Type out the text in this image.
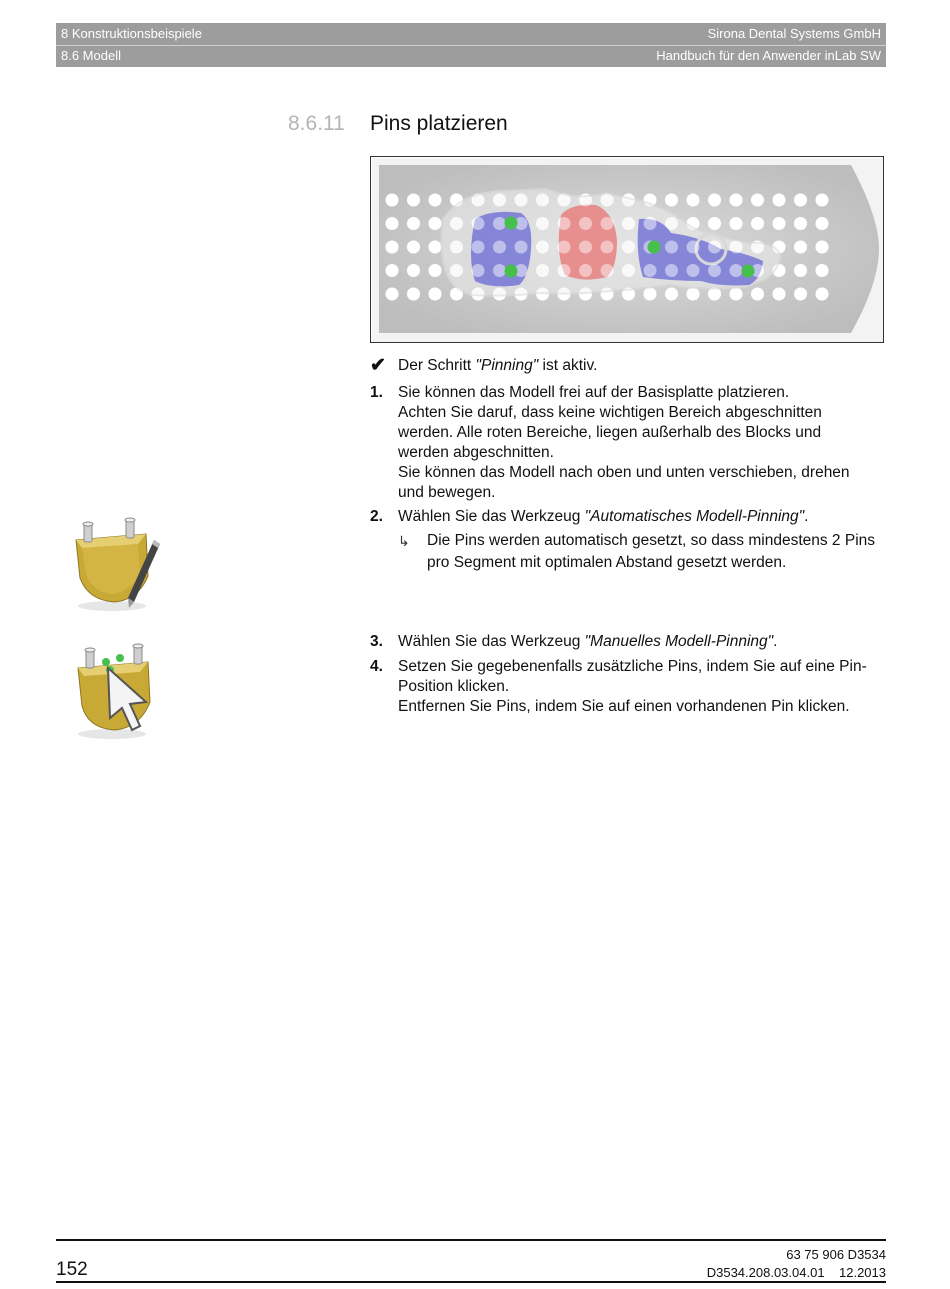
8 Konstruktionsbeispiele	Sirona Dental Systems GmbH
8.6 Modell	Handbuch für den Anwender inLab SW
8.6.11 Pins platzieren
✔ Der Schritt "Pinning" ist aktiv.
1. Sie können das Modell frei auf der Basisplatte platzieren.
Achten Sie daruf, dass keine wichtigen Bereich abgeschnitten
werden. Alle roten Bereiche, liegen außerhalb des Blocks und
werden abgeschnitten.
Sie können das Modell nach oben und unten verschieben, drehen
und bewegen.
2. Wählen Sie das Werkzeug "Automatisches Modell-Pinning".
↳ Die Pins werden automatisch gesetzt, so dass mindestens 2 Pins
pro Segment mit optimalen Abstand gesetzt werden.
3. Wählen Sie das Werkzeug "Manuelles Modell-Pinning".
4. Setzen Sie gegebenenfalls zusätzliche Pins, indem Sie auf eine Pin-
Position klicken.
Entfernen Sie Pins, indem Sie auf einen vorhandenen Pin klicken.
152
63 75 906 D3534
D3534.208.03.04.01 12.2013
